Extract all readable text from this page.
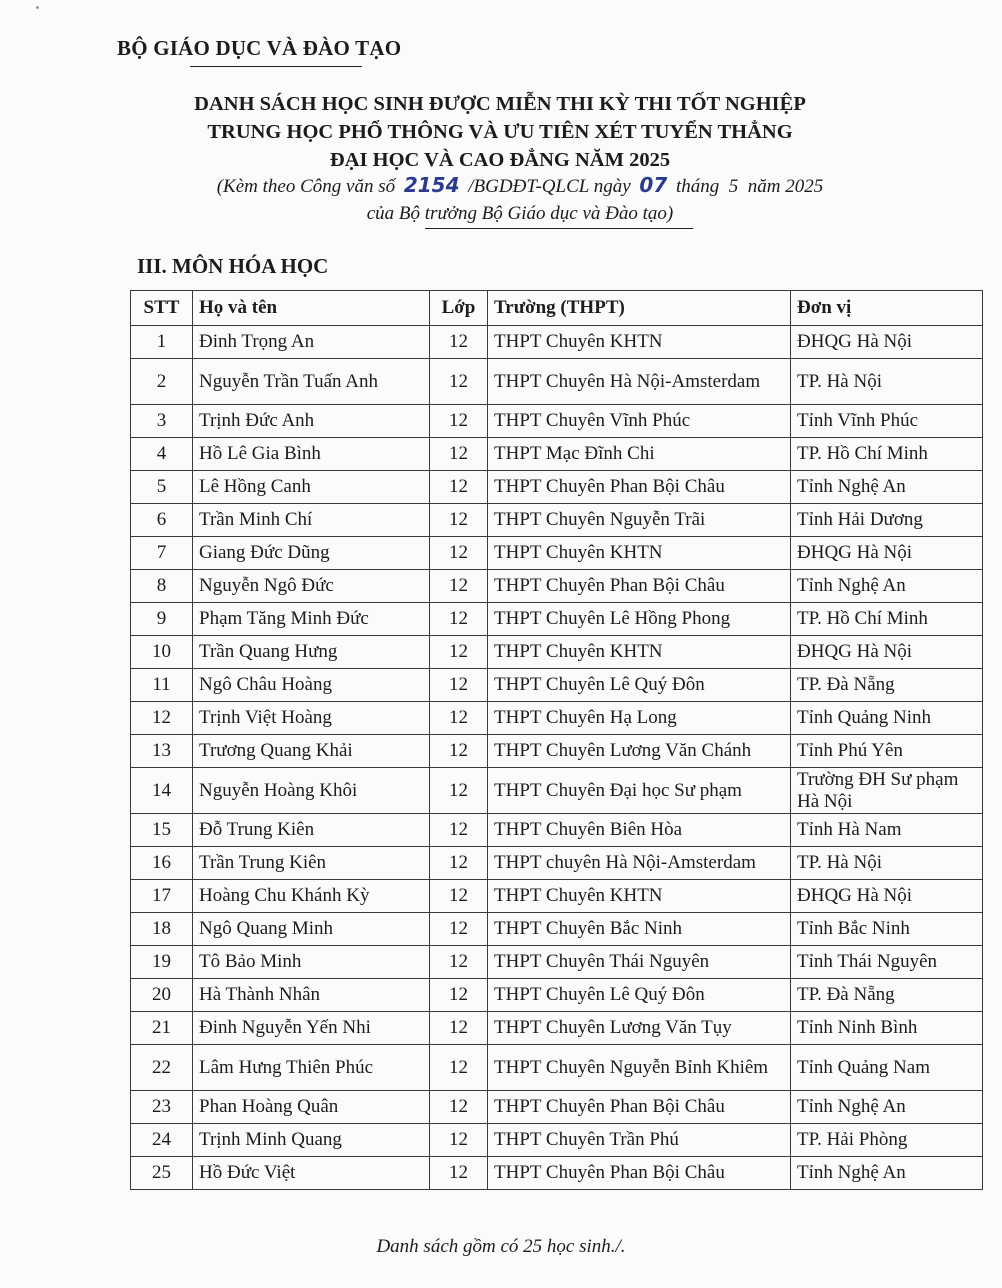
BỘ GIÁO DỤC VÀ ĐÀO TẠO
DANH SÁCH HỌC SINH ĐƯỢC MIỄN THI KỲ THI TỐT NGHIỆP
TRUNG HỌC PHỔ THÔNG VÀ ƯU TIÊN XÉT TUYỂN THẲNG
ĐẠI HỌC VÀ CAO ĐẲNG NĂM 2025
(Kèm theo Công văn số 2154 /BGDĐT-QLCL ngày 07 tháng  5  năm 2025
của Bộ trưởng Bộ Giáo dục và Đào tạo)
III. MÔN HÓA HỌC
STT	Họ và tên	Lớp	Trường (THPT)	Đơn vị
1	Đinh Trọng An	12	THPT Chuyên KHTN	ĐHQG Hà Nội
2	Nguyễn Trần Tuấn Anh	12	THPT Chuyên Hà Nội-Amsterdam	TP. Hà Nội
3	Trịnh Đức Anh	12	THPT Chuyên Vĩnh Phúc	Tỉnh Vĩnh Phúc
4	Hồ Lê Gia Bình	12	THPT Mạc Đĩnh Chi	TP. Hồ Chí Minh
5	Lê Hồng Canh	12	THPT Chuyên Phan Bội Châu	Tỉnh Nghệ An
6	Trần Minh Chí	12	THPT Chuyên Nguyễn Trãi	Tỉnh Hải Dương
7	Giang Đức Dũng	12	THPT Chuyên KHTN	ĐHQG Hà Nội
8	Nguyễn Ngô Đức	12	THPT Chuyên Phan Bội Châu	Tỉnh Nghệ An
9	Phạm Tăng Minh Đức	12	THPT Chuyên Lê Hồng Phong	TP. Hồ Chí Minh
10	Trần Quang Hưng	12	THPT Chuyên KHTN	ĐHQG Hà Nội
11	Ngô Châu Hoàng	12	THPT Chuyên Lê Quý Đôn	TP. Đà Nẵng
12	Trịnh Việt Hoàng	12	THPT Chuyên Hạ Long	Tỉnh Quảng Ninh
13	Trương Quang Khải	12	THPT Chuyên Lương Văn Chánh	Tỉnh Phú Yên
14	Nguyễn Hoàng Khôi	12	THPT Chuyên Đại học Sư phạm	Trường ĐH Sư phạm Hà Nội
15	Đỗ Trung Kiên	12	THPT Chuyên Biên Hòa	Tỉnh Hà Nam
16	Trần Trung Kiên	12	THPT chuyên Hà Nội-Amsterdam	TP. Hà Nội
17	Hoàng Chu Khánh Kỳ	12	THPT Chuyên KHTN	ĐHQG Hà Nội
18	Ngô Quang Minh	12	THPT Chuyên Bắc Ninh	Tỉnh Bắc Ninh
19	Tô Bảo Minh	12	THPT Chuyên Thái Nguyên	Tỉnh Thái Nguyên
20	Hà Thành Nhân	12	THPT Chuyên Lê Quý Đôn	TP. Đà Nẵng
21	Đinh Nguyễn Yến Nhi	12	THPT Chuyên Lương Văn Tụy	Tỉnh Ninh Bình
22	Lâm Hưng Thiên Phúc	12	THPT Chuyên Nguyễn Bỉnh Khiêm	Tỉnh Quảng Nam
23	Phan Hoàng Quân	12	THPT Chuyên Phan Bội Châu	Tỉnh Nghệ An
24	Trịnh Minh Quang	12	THPT Chuyên Trần Phú	TP. Hải Phòng
25	Hồ Đức Việt	12	THPT Chuyên Phan Bội Châu	Tỉnh Nghệ An
Danh sách gồm có 25 học sinh./.
